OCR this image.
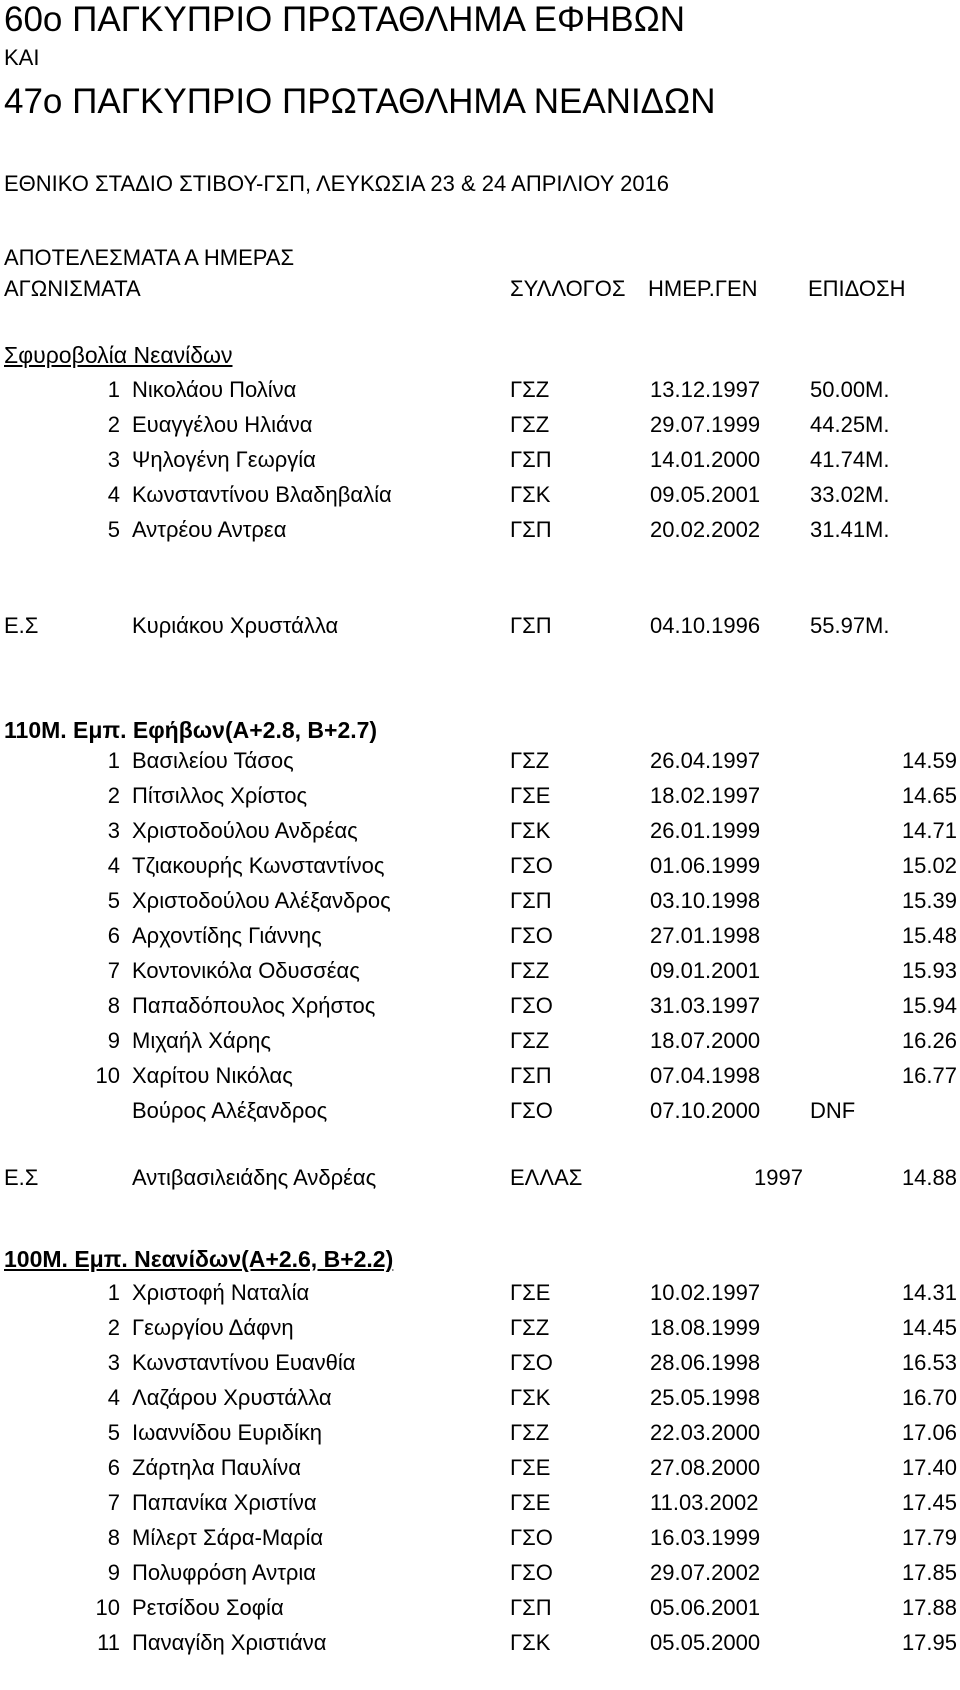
60ο ΠΑΓΚΥΠΡΙΟ ΠΡΩΤΑΘΛΗΜΑ ΕΦΗΒΩΝ
ΚΑΙ
47ο ΠΑΓΚΥΠΡΙΟ ΠΡΩΤΑΘΛΗΜΑ ΝΕΑΝΙΔΩΝ
ΕΘΝΙΚΟ ΣΤΑΔΙΟ ΣΤΙΒΟΥ-ΓΣΠ, ΛΕΥΚΩΣΙΑ 23 & 24 ΑΠΡΙΛΙΟΥ 2016
ΑΠΟΤΕΛΕΣΜΑΤΑ Α ΗΜΕΡΑΣ
ΑΓΩΝΙΣΜΑΤΑ	ΣΥΛΛΟΓΟΣ ΗΜΕΡ.ΓΕΝ ΕΠΙΔΟΣΗ
Σφυροβολία Νεανίδων
1 Νικολάου Πολίνα	ΓΣΖ	13.12.1997 50.00Μ.
2 Ευαγγέλου Ηλιάνα	ΓΣΖ	29.07.1999 44.25Μ.
3 Ψηλογένη Γεωργία	ΓΣΠ	14.01.2000 41.74Μ.
4 Κωνσταντίνου Βλαδηβαλία	ΓΣΚ	09.05.2001 33.02Μ.
5 Αντρέου Αντρεα	ΓΣΠ	20.02.2002 31.41Μ.
Ε.Σ	Κυριάκου Χρυστάλλα	ΓΣΠ	04.10.1996 55.97Μ.
110Μ. Εμπ. Εφήβων(Α+2.8, Β+2.7)
1 Βασιλείου Τάσος	ΓΣΖ	26.04.1997	14.59
2 Πίτσιλλος Χρίστος	ΓΣΕ	18.02.1997	14.65
3 Χριστοδούλου Ανδρέας	ΓΣΚ	26.01.1999	14.71
4 Τζιακουρής Κωνσταντίνος	ΓΣΟ	01.06.1999	15.02
5 Χριστοδούλου Αλέξανδρος	ΓΣΠ	03.10.1998	15.39
6 Αρχοντίδης Γιάννης	ΓΣΟ	27.01.1998	15.48
7 Κοντονικόλα Οδυσσέας	ΓΣΖ	09.01.2001	15.93
8 Παπαδόπουλος Χρήστος	ΓΣΟ	31.03.1997	15.94
9 Μιχαήλ Χάρης	ΓΣΖ	18.07.2000	16.26
10 Χαρίτου Νικόλας	ΓΣΠ	07.04.1998	16.77
Βούρος Αλέξανδρος	ΓΣΟ	07.10.2000 DNF
Ε.Σ	Αντιβασιλειάδης Ανδρέας	ΕΛΛΑΣ	1997	14.88
100Μ. Εμπ. Νεανίδων(Α+2.6, Β+2.2)
1 Χριστοφή Ναταλία	ΓΣΕ	10.02.1997	14.31
2 Γεωργίου Δάφνη	ΓΣΖ	18.08.1999	14.45
3 Κωνσταντίνου Ευανθία	ΓΣΟ	28.06.1998	16.53
4 Λαζάρου Χρυστάλλα	ΓΣΚ	25.05.1998	16.70
5 Ιωαννίδου Ευριδίκη	ΓΣΖ	22.03.2000	17.06
6 Ζάρτηλα Παυλίνα	ΓΣΕ	27.08.2000	17.40
7 Παπανίκα Χριστίνα	ΓΣΕ	11.03.2002	17.45
8 Μίλερτ Σάρα-Μαρία	ΓΣΟ	16.03.1999	17.79
9 Πολυφρόση Αντρια	ΓΣΟ	29.07.2002	17.85
10 Ρετσίδου Σοφία	ΓΣΠ	05.06.2001	17.88
11 Παναγίδη Χριστιάνα	ΓΣΚ	05.05.2000	17.95
